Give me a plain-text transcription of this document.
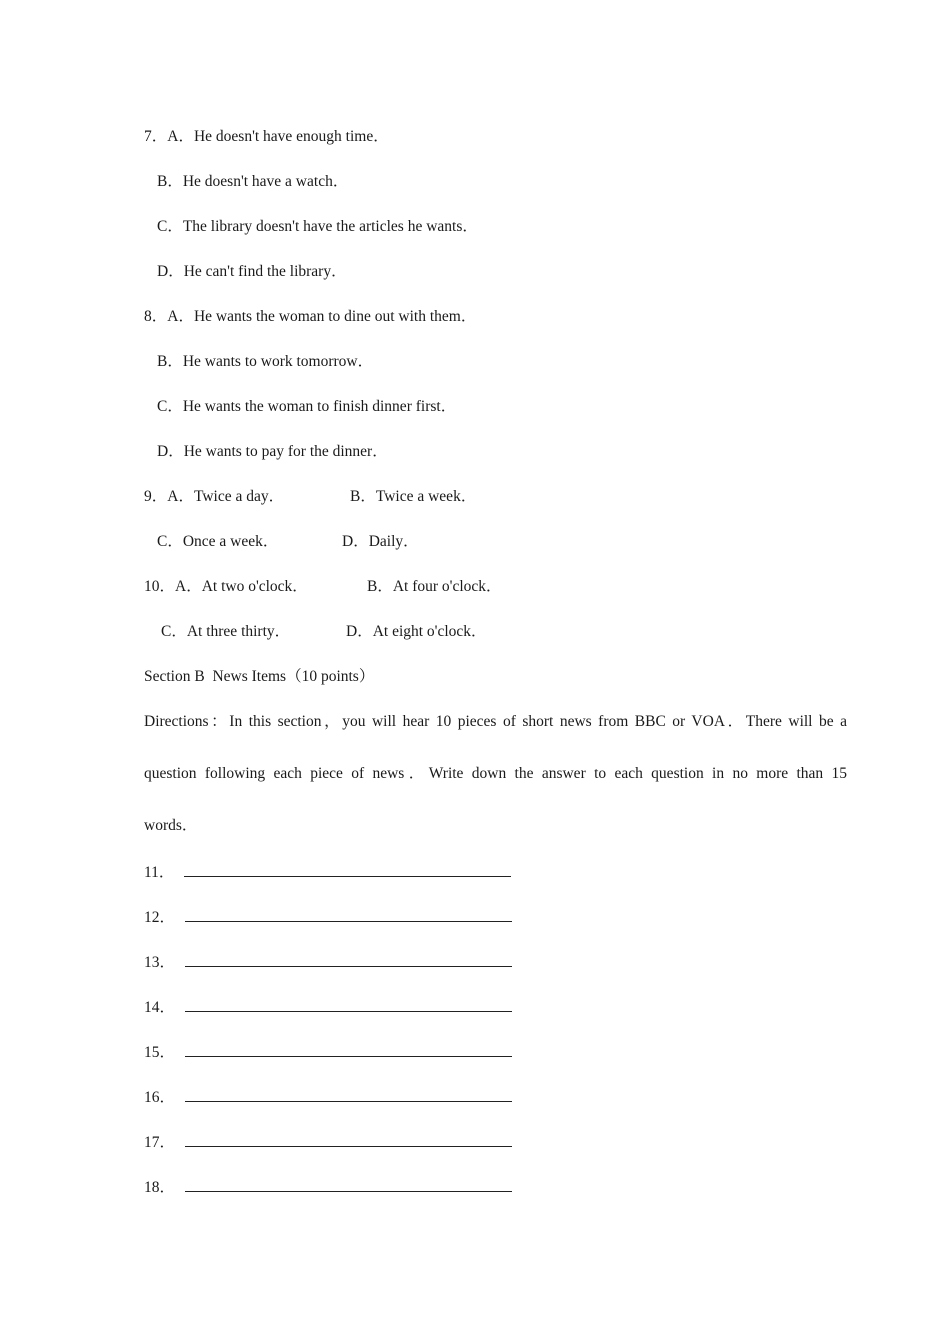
7．A．He doesn't have enough time．
B．He doesn't have a watch．
C．The library doesn't have the articles he wants．
D．He can't find the library．
8．A．He wants the woman to dine out with them．
B．He wants to work tomorrow．
C．He wants the woman to finish dinner first．
D．He wants to pay for the dinner．
9．A．Twice a day．	B．Twice a week．
C．Once a week．	D．Daily．
10．A．At two o'clock．	B．At four o'clock．
C．At three thirty．	D．At eight o'clock．
Section B  News Items（10 points）
Directions：In this section，you will hear 10 pieces of short news from BBC or VOA．There will be a
question following each piece of news．Write down the answer to each question in no more than 15
words．
11．
12．
13．
14．
15．
16．
17．
18．
